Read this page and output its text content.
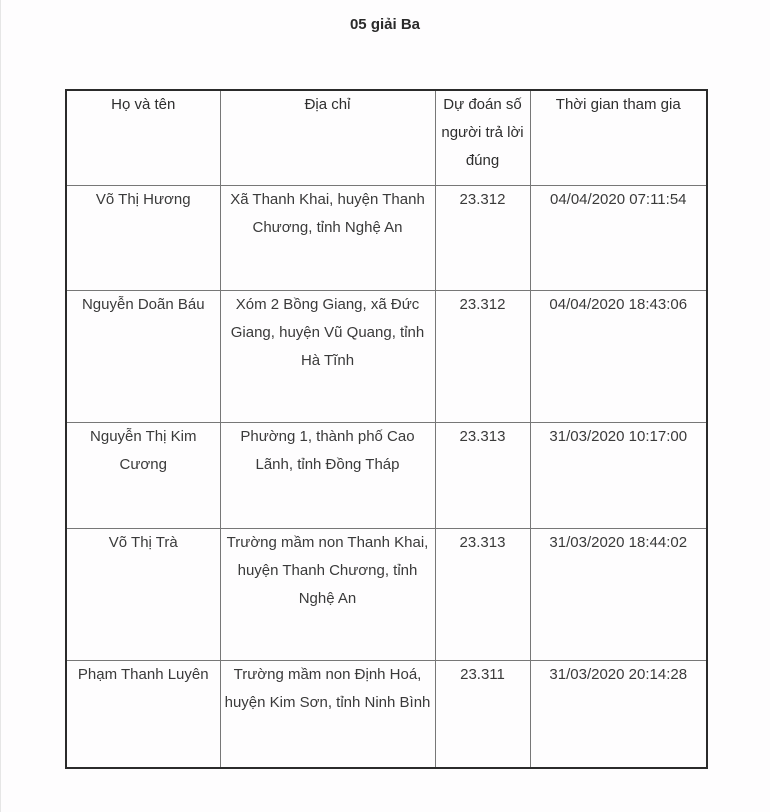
05 giải Ba
Họ và tên	Địa chỉ	Dự đoán số người trả lời đúng	Thời gian tham gia
Võ Thị Hương	Xã Thanh Khai, huyện Thanh Chương, tỉnh Nghệ An	23.312	04/04/2020 07:11:54
Nguyễn Doãn Báu	Xóm 2 Bồng Giang, xã Đức Giang, huyện Vũ Quang, tỉnh Hà Tĩnh	23.312	04/04/2020 18:43:06
Nguyễn Thị Kim Cương	Phường 1, thành phố Cao Lãnh, tỉnh Đồng Tháp	23.313	31/03/2020 10:17:00
Võ Thị Trà	Trường mầm non Thanh Khai, huyện Thanh Chương, tỉnh Nghệ An	23.313	31/03/2020 18:44:02
Phạm Thanh Luyên	Trường mầm non Định Hoá, huyện Kim Sơn, tỉnh Ninh Bình	23.311	31/03/2020 20:14:28
